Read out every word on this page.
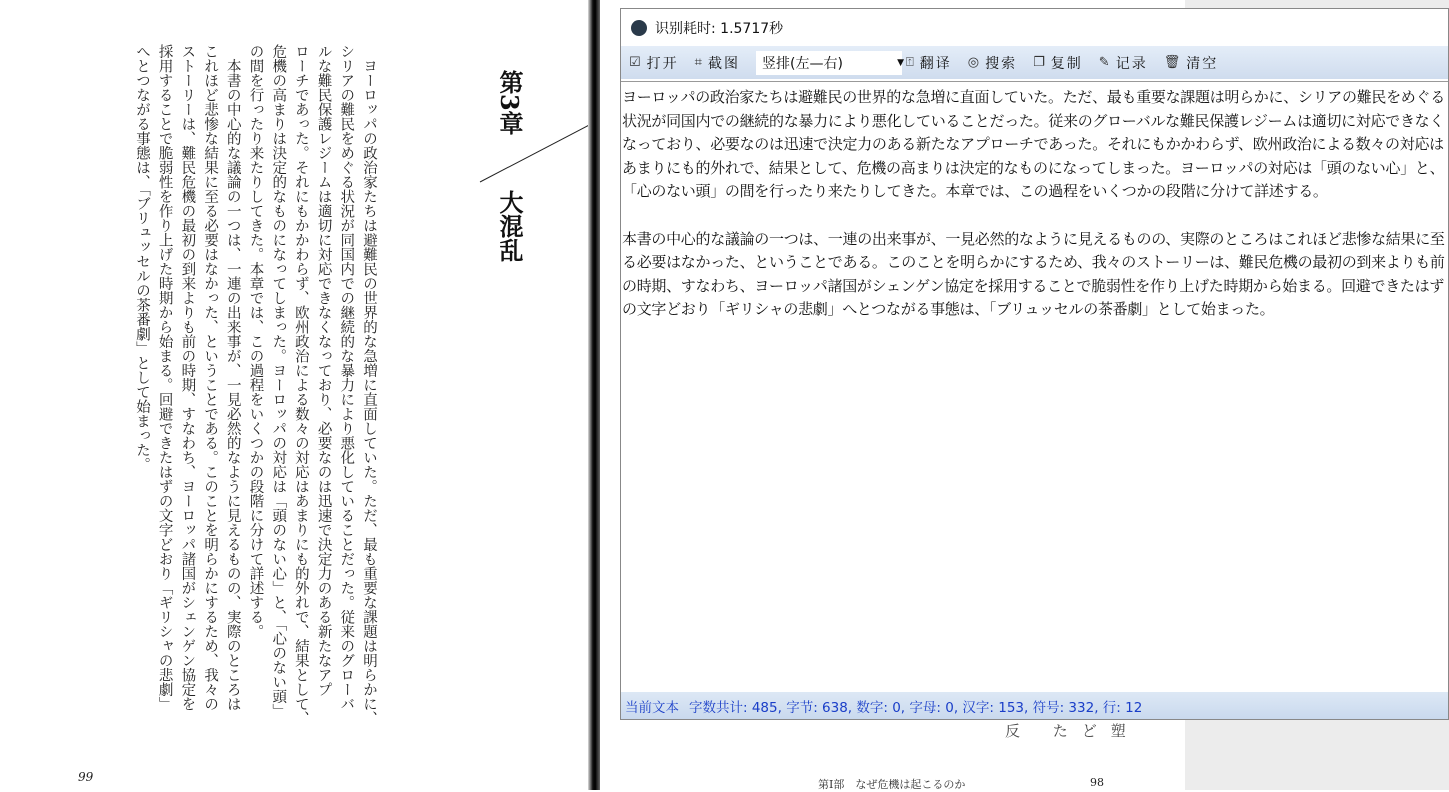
　ヨーロッパの政治家たちは避難民の世界的な急増に直面していた。ただ、最も重要な課題は明らかに、

シリアの難民をめぐる状況が同国内での継続的な暴力により悪化していることだった。従来のグローバ

ルな難民保護レジームは適切に対応できなくなっており、必要なのは迅速で決定力のある新たなアプ

ローチであった。それにもかかわらず、欧州政治による数々の対応はあまりにも的外れで、結果として、

危機の高まりは決定的なものになってしまった。ヨーロッパの対応は「頭のない心」と、「心のない頭」

の間を行ったり来たりしてきた。本章では、この過程をいくつかの段階に分けて詳述する。

　本書の中心的な議論の一つは、一連の出来事が、一見必然的なように見えるものの、実際のところは

これほど悲惨な結果に至る必要はなかった、ということである。このことを明らかにするため、我々の

ストーリーは、難民危機の最初の到来よりも前の時期、すなわち、ヨーロッパ諸国がシェンゲン協定を

採用することで脆弱性を作り上げた時期から始まる。回避できたはずの文字どおり「ギリシャの悲劇」

へとつながる事態は、「ブリュッセルの茶番劇」として始まった。	第3章
大混乱
99
反 たど塑
第Ⅰ部　なぜ危機は起こるのか	98
识别耗时: 1.5717秒
☑ 打开 ⌗ 截图 竖排(左—右)	▼ ⍐ 翻译 ◎ 搜索 ❐ 复制 ✎ 记录 🗑 清空

ヨーロッパの政治家たちは避難民の世界的な急増に直面していた。ただ、最も重要な課題は明らかに、シリアの難民をめぐる状況が同国内での継続的な暴力により悪化していることだった。従来のグローバルな難民保護レジームは適切に対応できなくなっており、必要なのは迅速で決定力のある新たなアプローチであった。それにもかかわらず、欧州政治による数々の対応はあまりにも的外れで、結果として、危機の高まりは決定的なものになってしまった。ヨーロッパの対応は「頭のない心」と、「心のない頭」の間を行ったり来たりしてきた。本章では、この過程をいくつかの段階に分けて詳述する。

本書の中心的な議論の一つは、一連の出来事が、一見必然的なように見えるものの、実際のところはこれほど悲惨な結果に至る必要はなかった、ということである。このことを明らかにするため、我々のストーリーは、難民危機の最初の到来よりも前の時期、すなわち、ヨーロッパ諸国がシェンゲン協定を採用することで脆弱性を作り上げた時期から始まる。回避できたはずの文字どおり「ギリシャの悲劇」へとつながる事態は、「ブリュッセルの茶番劇」として始まった。

当前文本 字数共计: 485, 字节: 638, 数字: 0, 字母: 0, 汉字: 153, 符号: 332, 行: 12
